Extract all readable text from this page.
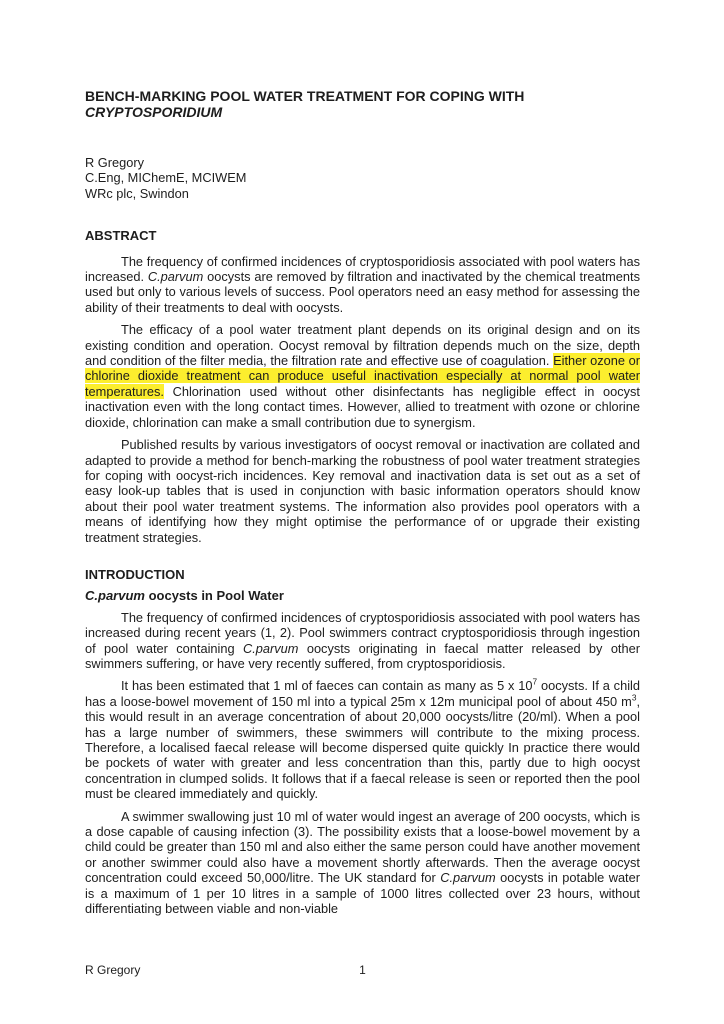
BENCH-MARKING POOL WATER TREATMENT FOR COPING WITH
CRYPTOSPORIDIUM
R Gregory
C.Eng, MIChemE, MCIWEM
WRc plc, Swindon
ABSTRACT

The frequency of confirmed incidences of cryptosporidiosis associated with pool waters has increased. C.parvum oocysts are removed by filtration and inactivated by the chemical treatments used but only to various levels of success. Pool operators need an easy method for assessing the ability of their treatments to deal with oocysts.

The efficacy of a pool water treatment plant depends on its original design and on its existing condition and operation. Oocyst removal by filtration depends much on the size, depth and condition of the filter media, the filtration rate and effective use of coagulation. Either ozone or chlorine dioxide treatment can produce useful inactivation especially at normal pool water temperatures. Chlorination used without other disinfectants has negligible effect in oocyst inactivation even with the long contact times. However, allied to treatment with ozone or chlorine dioxide, chlorination can make a small contribution due to synergism.

Published results by various investigators of oocyst removal or inactivation are collated and adapted to provide a method for bench-marking the robustness of pool water treatment strategies for coping with oocyst-rich incidences. Key removal and inactivation data is set out as a set of easy look-up tables that is used in conjunction with basic information operators should know about their pool water treatment systems. The information also provides pool operators with a means of identifying how they might optimise the performance of or upgrade their existing treatment strategies.

INTRODUCTION
C.parvum oocysts in Pool Water

The frequency of confirmed incidences of cryptosporidiosis associated with pool waters has increased during recent years (1, 2). Pool swimmers contract cryptosporidiosis through ingestion of pool water containing C.parvum oocysts originating in faecal matter released by other swimmers suffering, or have very recently suffered, from cryptosporidiosis.

It has been estimated that 1 ml of faeces can contain as many as 5 x $10^7$ oocysts. If a child has a loose-bowel movement of 150 ml into a typical 25m x 12m municipal pool of about 450 $m^3$, this would result in an average concentration of about 20,000 oocysts/litre (20/ml). When a pool has a large number of swimmers, these swimmers will contribute to the mixing process. Therefore, a localised faecal release will become dispersed quite quickly In practice there would be pockets of water with greater and less concentration than this, partly due to high oocyst concentration in clumped solids. It follows that if a faecal release is seen or reported then the pool must be cleared immediately and quickly.

A swimmer swallowing just 10 ml of water would ingest an average of 200 oocysts, which is a dose capable of causing infection (3). The possibility exists that a loose-bowel movement by a child could be greater than 150 ml and also either the same person could have another movement or another swimmer could also have a movement shortly afterwards. Then the average oocyst concentration could exceed 50,000/litre. The UK standard for C.parvum oocysts in potable water is a maximum of 1 per 10 litres in a sample of 1000 litres collected over 23 hours, without differentiating between viable and non-viable

R Gregory	1
